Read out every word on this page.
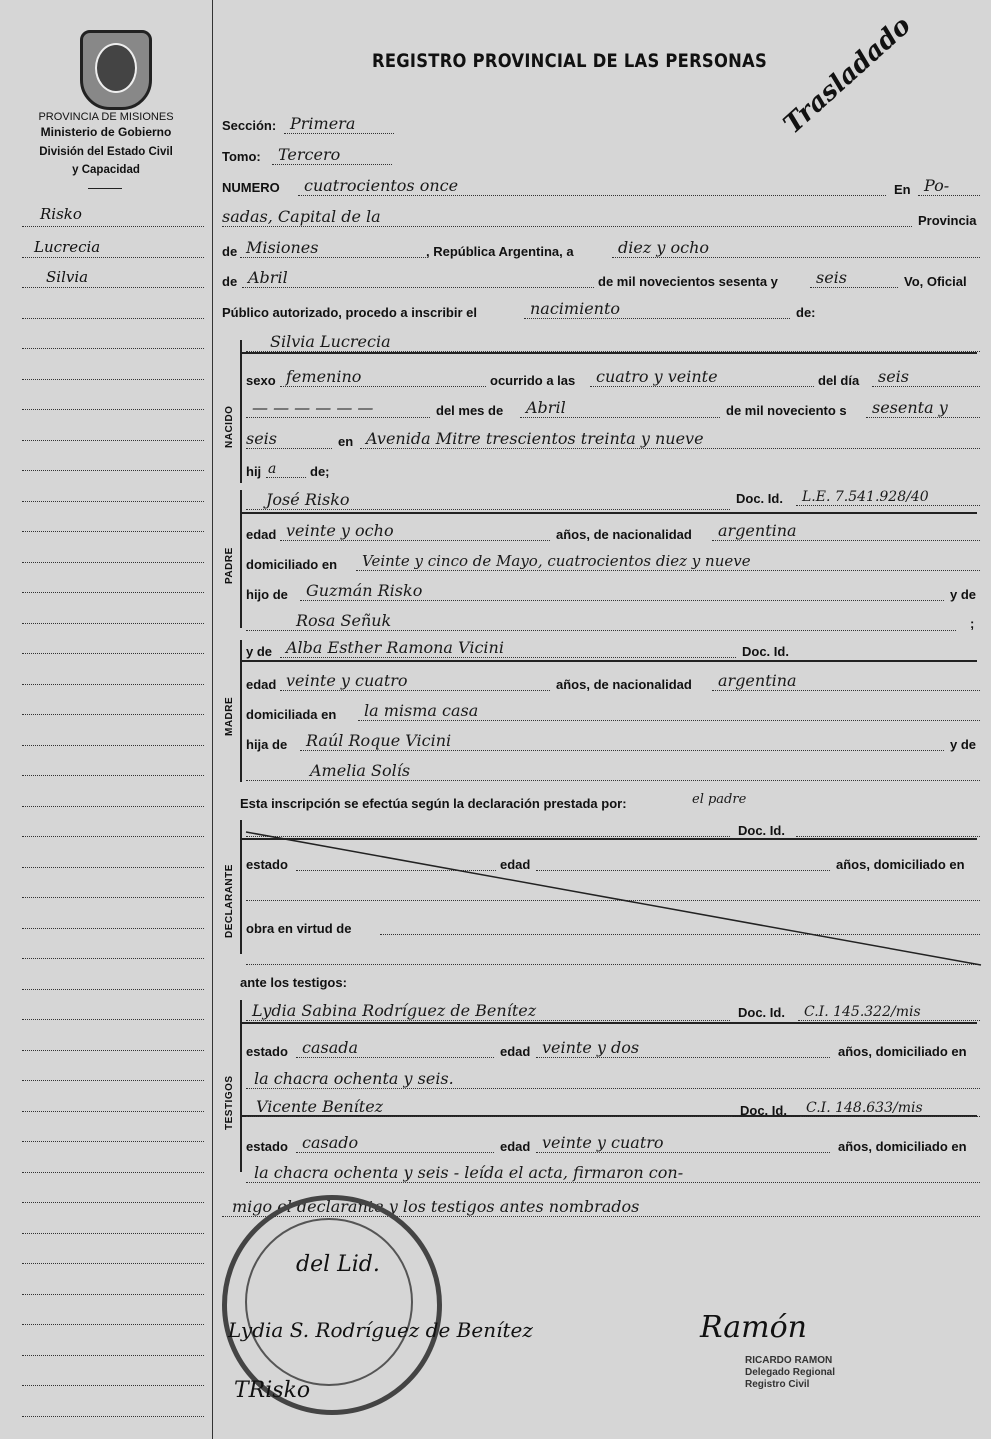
PROVINCIA DE MISIONES
Ministerio de Gobierno
División del Estado Civil
y Capacidad
Risko
Lucrecia
Silvia
REGISTRO PROVINCIAL DE LAS PERSONAS Trasladado
Sección: Primera
Tomo: Tercero
NUMERO cuatrocientos once	En Po-
sadas, Capital de la	Provincia
de Misiones	, República Argentina, a	diez y ocho
de Abril	de mil novecientos sesenta y seis	Vo, Oficial
Público autorizado, procedo a inscribir el	nacimiento	de:
NACIDO
Silvia Lucrecia
sexo femenino	ocurrido a las cuatro y veinte	del día seis
— — — — — —	del mes de Abril	de mil noveciento s sesenta y
seis	en Avenida Mitre trescientos treinta y nueve
hij a	de;
PADRE
José Risko	Doc. Id. L.E. 7.541.928/40
edad veinte y ocho	años, de nacionalidad argentina
domiciliado en Veinte y cinco de Mayo, cuatrocientos diez y nueve
hijo de Guzmán Risko	y de
Rosa Señuk	;
MADRE
y de Alba Esther Ramona Vicini	Doc. Id.
edad veinte y cuatro	años, de nacionalidad argentina
domiciliada en la misma casa
hija de Raúl Roque Vicini	y de
Amelia Solís
Esta inscripción se efectúa según la declaración prestada por:	el padre
DECLARANTE
Doc. Id.
estado	edad	años, domiciliado en
obra en virtud de
ante los testigos:
TESTIGOS
Lydia Sabina Rodríguez de Benítez	Doc. Id. C.I. 145.322/mis
estado casada	edad veinte y dos	años, domiciliado en
la chacra ochenta y seis.
Vicente Benítez	Doc. Id. C.I. 148.633/mis
estado casado	edad veinte y cuatro	años, domiciliado en
la chacra ochenta y seis - leída el acta, firmaron con-
migo el declarante y los testigos antes nombrados
del Lid.
Lydia S. Rodríguez de Benítez
TRisko
Ramón
RICARDO RAMON
Delegado Regional
Registro Civil
